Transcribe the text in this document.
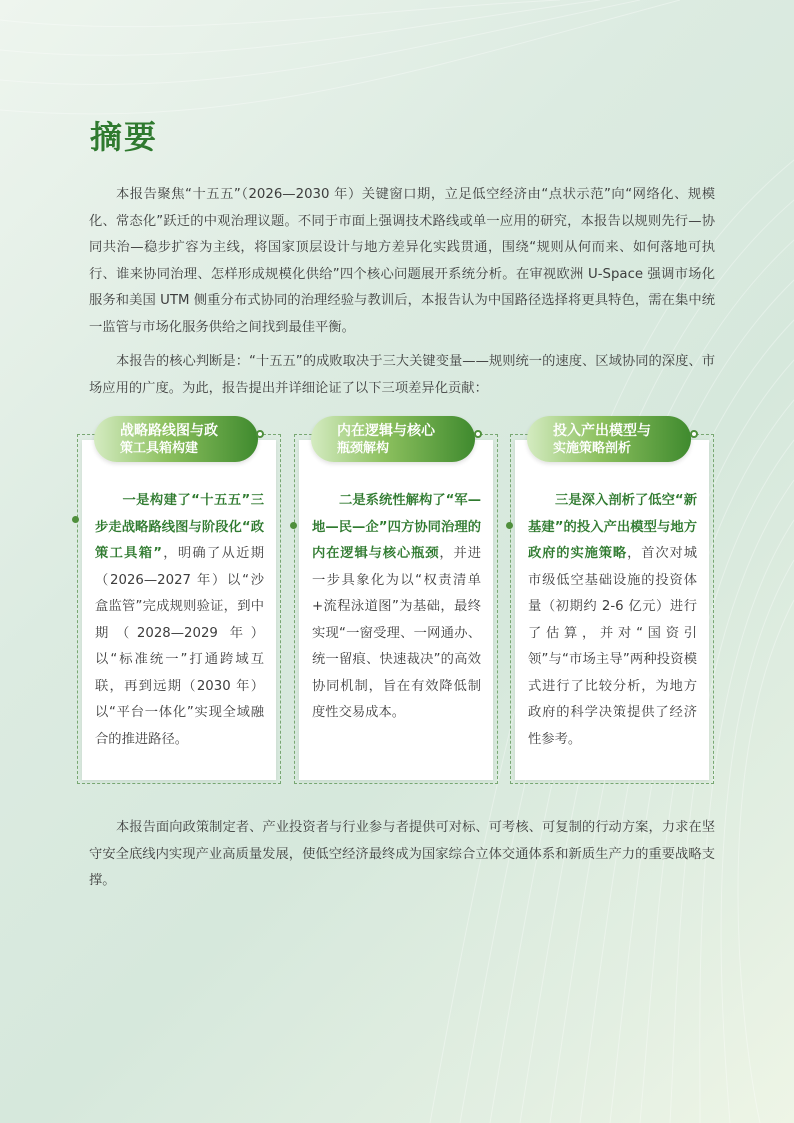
摘要

本报告聚焦“十五五”（2026—2030 年）关键窗口期，立足低空经济由“点状示范”向“网络化、规模化、常态化”跃迁的中观治理议题。不同于市面上强调技术路线或单一应用的研究，本报告以规则先行—协同共治—稳步扩容为主线，将国家顶层设计与地方差异化实践贯通，围绕“规则从何而来、如何落地可执行、谁来协同治理、怎样形成规模化供给”四个核心问题展开系统分析。在审视欧洲 U-Space 强调市场化服务和美国 UTM 侧重分布式协同的治理经验与教训后，本报告认为中国路径选择将更具特色，需在集中统一监管与市场化服务供给之间找到最佳平衡。

本报告的核心判断是：“十五五”的成败取决于三大关键变量——规则统一的速度、区域协同的深度、市场应用的广度。为此，报告提出并详细论证了以下三项差异化贡献：

一是构建了“十五五”三步走战略路线图与阶段化“政策工具箱”，明确了从近期（2026—2027 年）以“沙盒监管”完成规则验证，到中期（2028—2029 年）以“标准统一”打通跨域互联，再到远期（2030 年）以“平台一体化”实现全域融合的推进路径。
战略路线图与政
策工具箱构建
二是系统性解构了“军—地—民—企”四方协同治理的内在逻辑与核心瓶颈，并进一步具象化为以“权责清单+流程泳道图”为基础，最终实现“一窗受理、一网通办、统一留痕、快速裁决”的高效协同机制，旨在有效降低制度性交易成本。
内在逻辑与核心
瓶颈解构
三是深入剖析了低空“新基建”的投入产出模型与地方政府的实施策略，首次对城市级低空基础设施的投资体量（初期约 2-6 亿元）进行了估算，并对“国资引领”与“市场主导”两种投资模式进行了比较分析，为地方政府的科学决策提供了经济性参考。
投入产出模型与
实施策略剖析

本报告面向政策制定者、产业投资者与行业参与者提供可对标、可考核、可复制的行动方案，力求在坚守安全底线内实现产业高质量发展，使低空经济最终成为国家综合立体交通体系和新质生产力的重要战略支撑。
